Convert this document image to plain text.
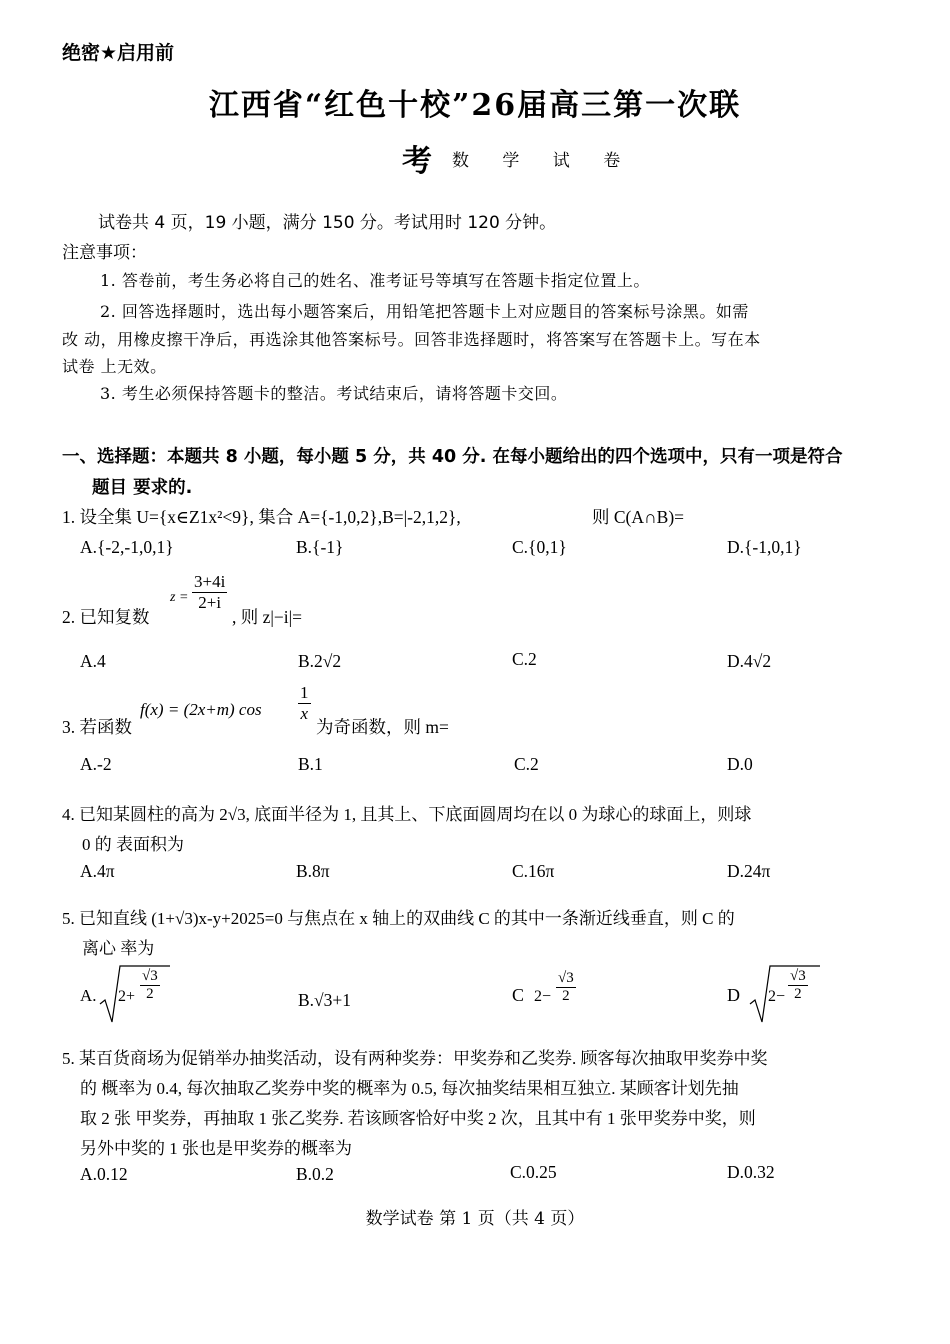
绝密★启用前
江西省“红色十校”26届高三第一次联
考 数 学 试 卷
试卷共 4 页，19 小题，满分 150 分。考试用时 120 分钟。
注意事项：
1. 答卷前，考生务必将自己的姓名、准考证号等填写在答题卡指定位置上。
2. 回答选择题时，选出每小题答案后，用铅笔把答题卡上对应题目的答案标号涂黑。如需
改 动，用橡皮擦干净后，再选涂其他答案标号。回答非选择题时，将答案写在答题卡上。写在本
试卷 上无效。
3. 考生必须保持答题卡的整洁。考试结束后，请将答题卡交回。
一、选择题：本题共 8 小题，每小题 5 分，共 40 分. 在每小题给出的四个选项中，只有一项是符合
题目 要求的.
1. 设全集 U={x∈Z1x²<9}, 集合 A={-1,0,2},B=|-2,1,2},	则 C(A∩B)=
A.{-2,-1,0,1}	B.{-1}	C.{0,1}	D.{-1,0,1}
2. 已知复数
$z = \frac{3+4i}{2+i}$
, 则 z|−i|=
A.4	B.2√2	C.2	D.4√2
3. 若函数
f(x) = (2x+m) $\cos \frac{1}{x}$
为奇函数，则 m=
A.-2	B.1	C.2	D.0
4. 已知某圆柱的高为 2√3, 底面半径为 1, 且其上、下底面圆周均在以 0 为球心的球面上，则球
0 的 表面积为
A.4π	B.8π	C.16π	D.24π
5. 已知直线 (1+√3)x-y+2025=0 与焦点在 x 轴上的双曲线 C 的其中一条渐近线垂直，则 C 的
离心 率为
A. $2+ \frac{√3}{2}$	B.√3+1	C $2- \frac{√3}{2}$	D $2- \frac{√3}{2}$
5. 某百货商场为促销举办抽奖活动，设有两种奖券：甲奖券和乙奖券. 顾客每次抽取甲奖券中奖
的 概率为 0.4, 每次抽取乙奖券中奖的概率为 0.5, 每次抽奖结果相互独立. 某顾客计划先抽
取 2 张 甲奖券，再抽取 1 张乙奖券. 若该顾客恰好中奖 2 次，且其中有 1 张甲奖券中奖，则
另外中奖的 1 张也是甲奖券的概率为
A.0.12	B.0.2	C.0.25	D.0.32
数学试卷 第 1 页（共 4 页）
